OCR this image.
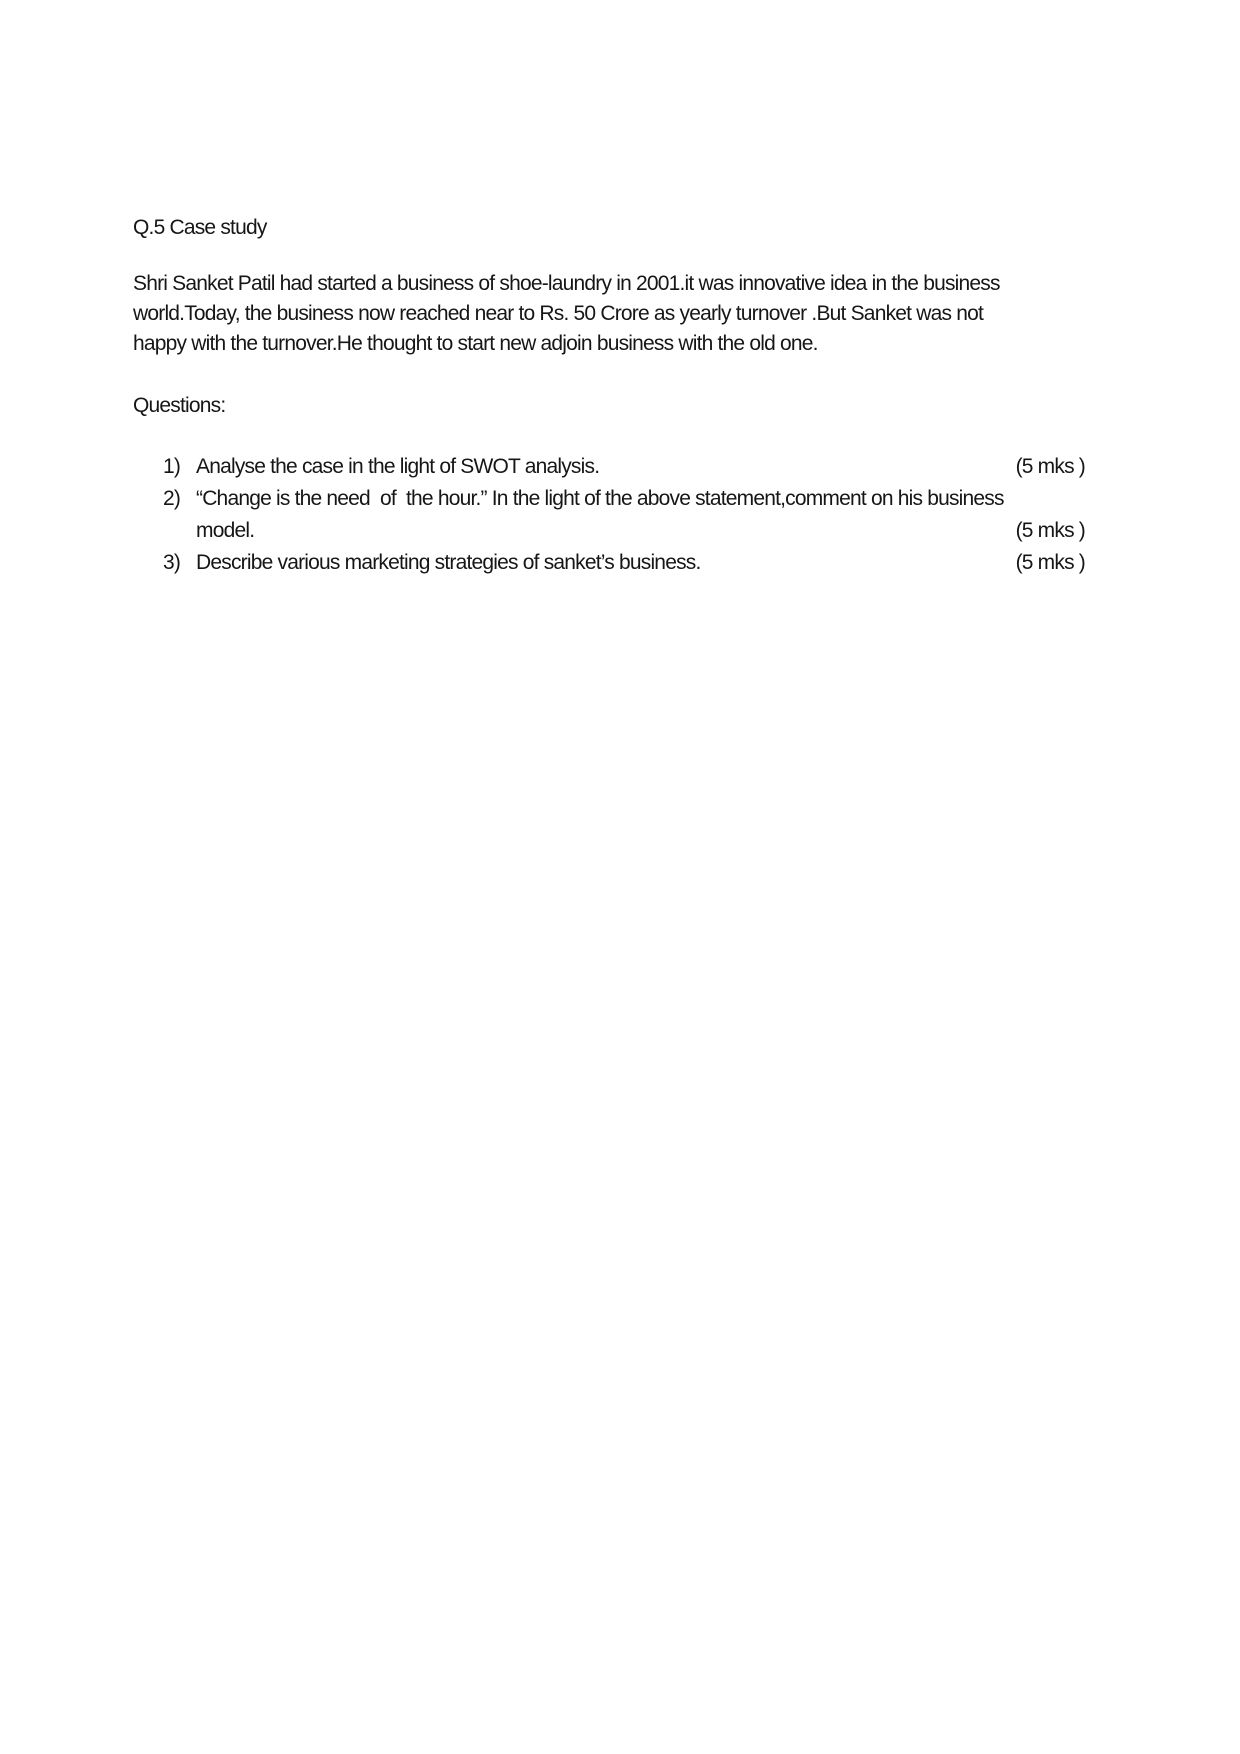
Q.5 Case study

Shri Sanket Patil had started a business of shoe-laundry in 2001.it was innovative idea in the business
world.Today, the business now reached near to Rs. 50 Crore as yearly turnover .But Sanket was not
happy with the turnover.He thought to start new adjoin business with the old one.

Questions:

1) Analyse the case in the light of SWOT analysis.	(5 mks )
2) “Change is the need  of  the hour.” In the light of the above statement,comment on his business
model.	(5 mks )
3) Describe various marketing strategies of sanket’s business.	(5 mks )
